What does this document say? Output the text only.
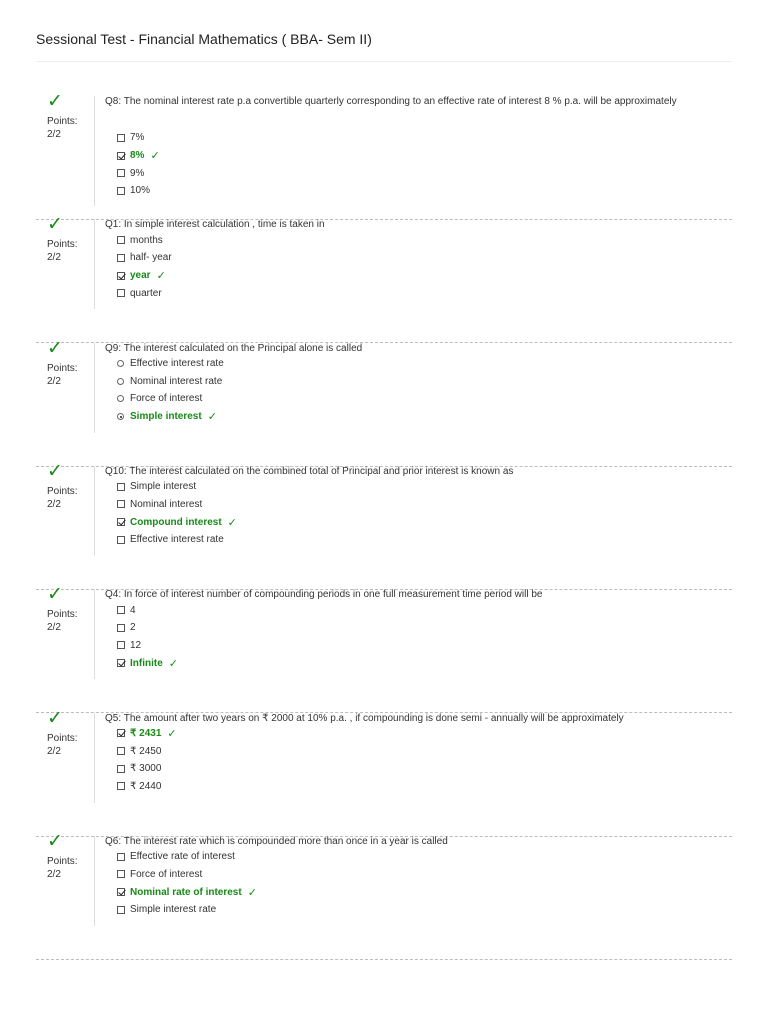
Sessional Test - Financial Mathematics ( BBA- Sem II)
✓
Points:
2/2
Q8: The nominal interest rate p.a convertible quarterly corresponding to an effective rate of interest 8 % p.a. will be approximately
7%
8% ✓
9%
10%
✓
Points:
2/2
Q1: In simple interest calculation , time is taken in
months
half- year
year ✓
quarter
✓
Points:
2/2
Q9: The interest calculated on the Principal alone is called
Effective interest rate
Nominal interest rate
Force of interest
Simple interest ✓
✓
Points:
2/2
Q10: The interest calculated on the combined total of Principal and prior interest is known as
Simple interest
Nominal interest
Compound interest ✓
Effective interest rate
✓
Points:
2/2
Q4: In force of interest number of compounding periods in one full measurement time period will be
4
2
12
Infinite ✓
✓
Points:
2/2
Q5: The amount after two years on ₹ 2000 at 10% p.a. , if compounding is done semi - annually will be approximately
₹ 2431 ✓
₹ 2450
₹ 3000
₹ 2440
✓
Points:
2/2
Q6: The interest rate which is compounded more than once in a year is called
Effective rate of interest
Force of interest
Nominal rate of interest ✓
Simple interest rate
